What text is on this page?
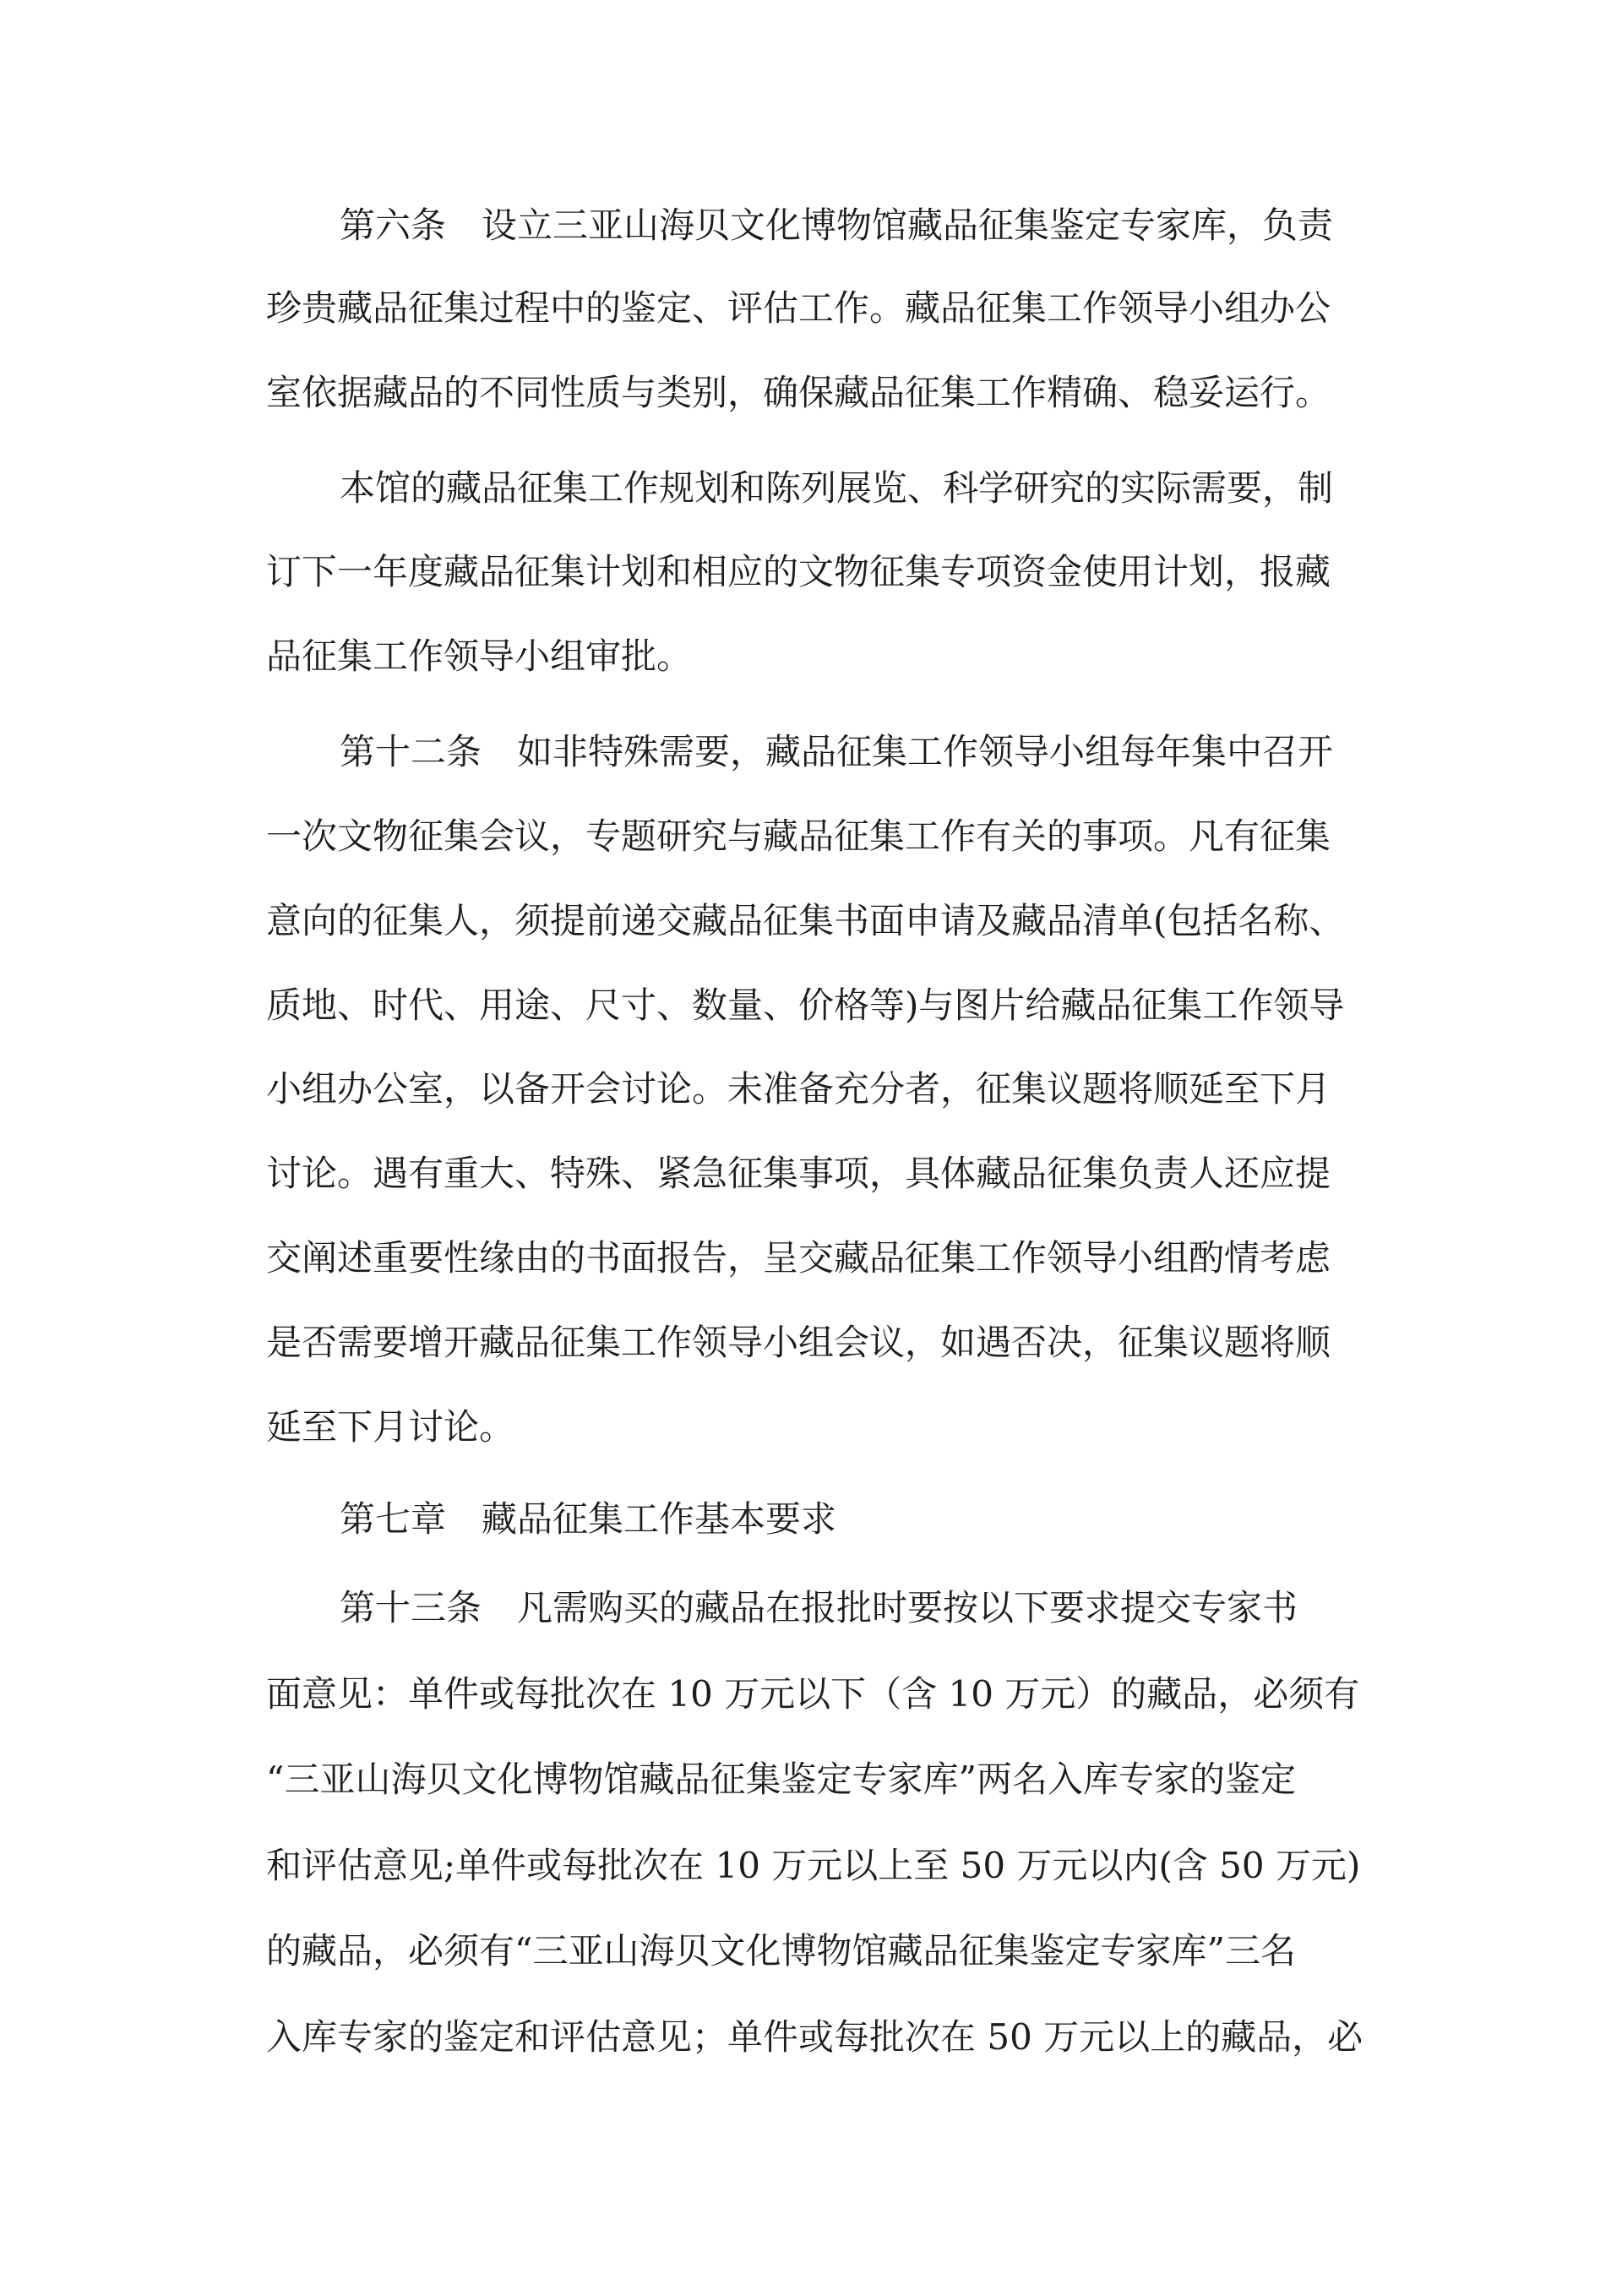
第六条　设立三亚山海贝文化博物馆藏品征集鉴定专家库，负责

珍贵藏品征集过程中的鉴定、评估工作。藏品征集工作领导小组办公

室依据藏品的不同性质与类别，确保藏品征集工作精确、稳妥运行。

本馆的藏品征集工作规划和陈列展览、科学研究的实际需要，制

订下一年度藏品征集计划和相应的文物征集专项资金使用计划，报藏

品征集工作领导小组审批。

第十二条　如非特殊需要，藏品征集工作领导小组每年集中召开

一次文物征集会议，专题研究与藏品征集工作有关的事项。凡有征集

意向的征集人，须提前递交藏品征集书面申请及藏品清单(包括名称、

质地、时代、用途、尺寸、数量、价格等)与图片给藏品征集工作领导

小组办公室，以备开会讨论。未准备充分者，征集议题将顺延至下月

讨论。遇有重大、特殊、紧急征集事项，具体藏品征集负责人还应提

交阐述重要性缘由的书面报告，呈交藏品征集工作领导小组酌情考虑

是否需要增开藏品征集工作领导小组会议，如遇否决，征集议题将顺

延至下月讨论。

第七章　藏品征集工作基本要求

第十三条　凡需购买的藏品在报批时要按以下要求提交专家书

面意见：单件或每批次在 10 万元以下（含 10 万元）的藏品，必须有

“三亚山海贝文化博物馆藏品征集鉴定专家库”两名入库专家的鉴定

和评估意见;单件或每批次在 10 万元以上至 50 万元以内(含 50 万元)

的藏品，必须有“三亚山海贝文化博物馆藏品征集鉴定专家库”三名

入库专家的鉴定和评估意见；单件或每批次在 50 万元以上的藏品，必
